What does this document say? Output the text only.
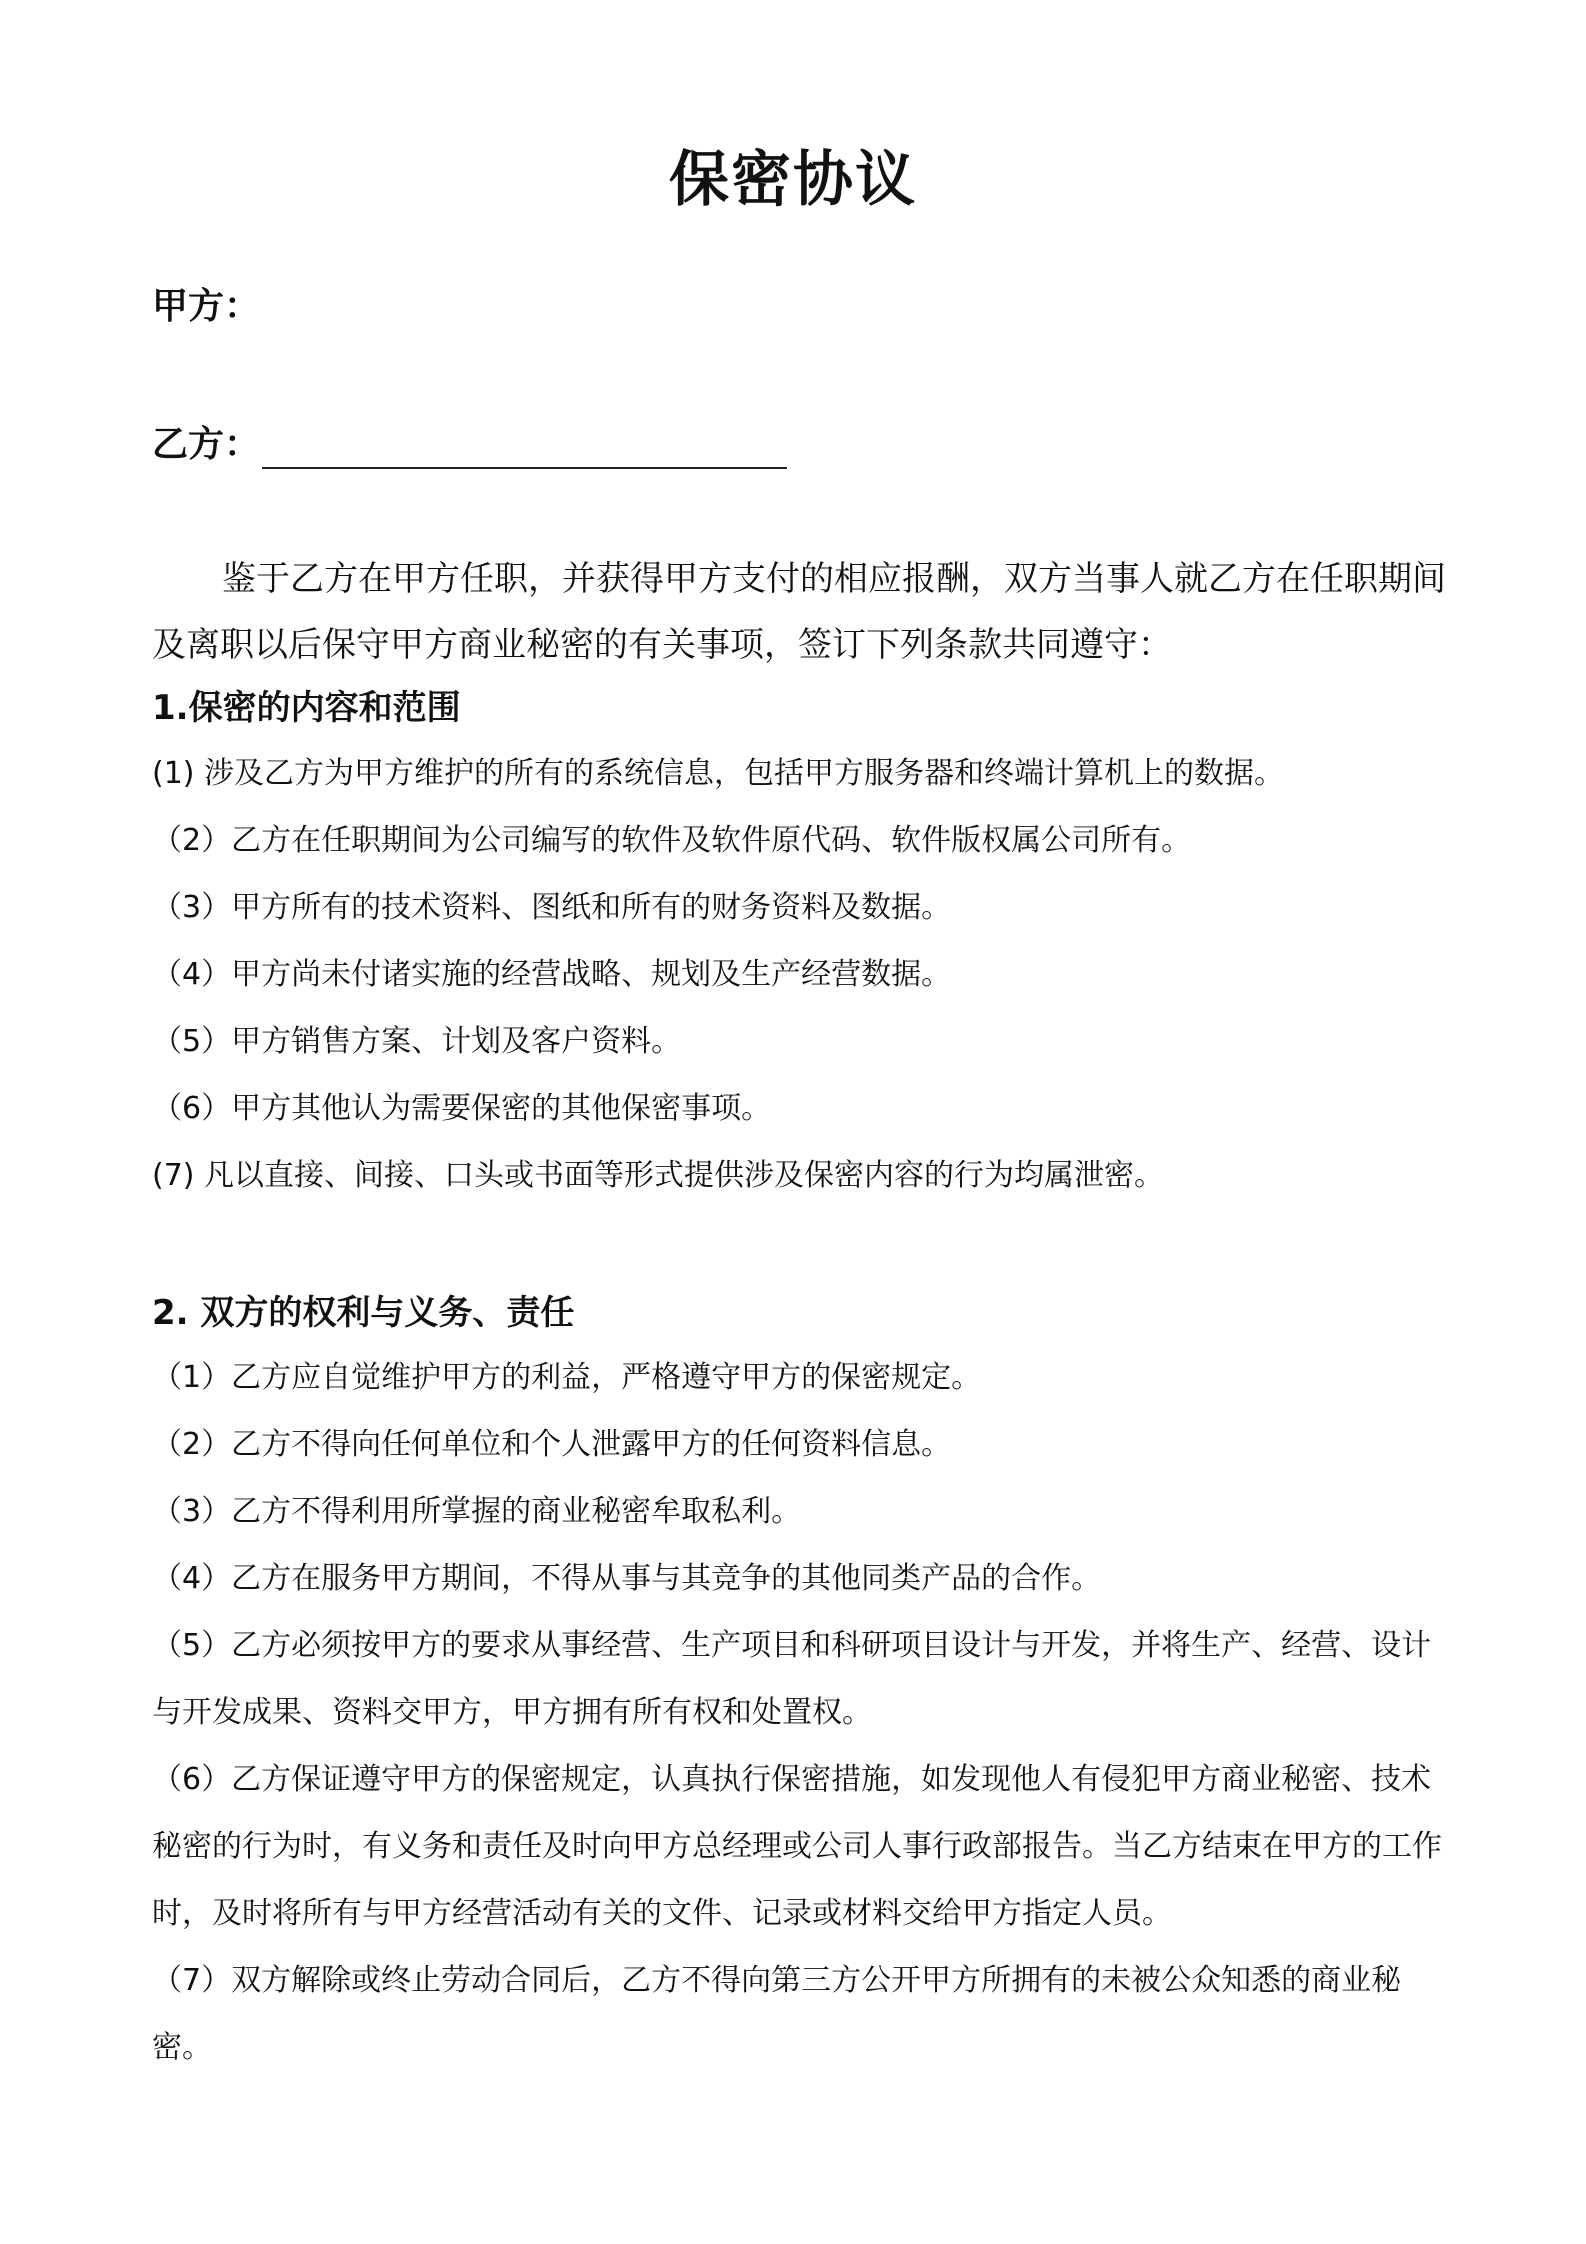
保密协议
甲方：
乙方：

鉴于乙方在甲方任职，并获得甲方支付的相应报酬，双方当事人就乙方在任职期间及离职以后保守甲方商业秘密的有关事项，签订下列条款共同遵守：

1.保密的内容和范围
(1) 涉及乙方为甲方维护的所有的系统信息，包括甲方服务器和终端计算机上的数据。
（2）乙方在任职期间为公司编写的软件及软件原代码、软件版权属公司所有。
（3）甲方所有的技术资料、图纸和所有的财务资料及数据。
（4）甲方尚未付诸实施的经营战略、规划及生产经营数据。
（5）甲方销售方案、计划及客户资料。
（6）甲方其他认为需要保密的其他保密事项。
(7) 凡以直接、间接、口头或书面等形式提供涉及保密内容的行为均属泄密。
2. 双方的权利与义务、责任
（1）乙方应自觉维护甲方的利益，严格遵守甲方的保密规定。
（2）乙方不得向任何单位和个人泄露甲方的任何资料信息。
（3）乙方不得利用所掌握的商业秘密牟取私利。
（4）乙方在服务甲方期间，不得从事与其竞争的其他同类产品的合作。
（5）乙方必须按甲方的要求从事经营、生产项目和科研项目设计与开发，并将生产、经营、设计与开发成果、资料交甲方，甲方拥有所有权和处置权。
（6）乙方保证遵守甲方的保密规定，认真执行保密措施，如发现他人有侵犯甲方商业秘密、技术秘密的行为时，有义务和责任及时向甲方总经理或公司人事行政部报告。当乙方结束在甲方的工作时，及时将所有与甲方经营活动有关的文件、记录或材料交给甲方指定人员。
（7）双方解除或终止劳动合同后，乙方不得向第三方公开甲方所拥有的未被公众知悉的商业秘密。
